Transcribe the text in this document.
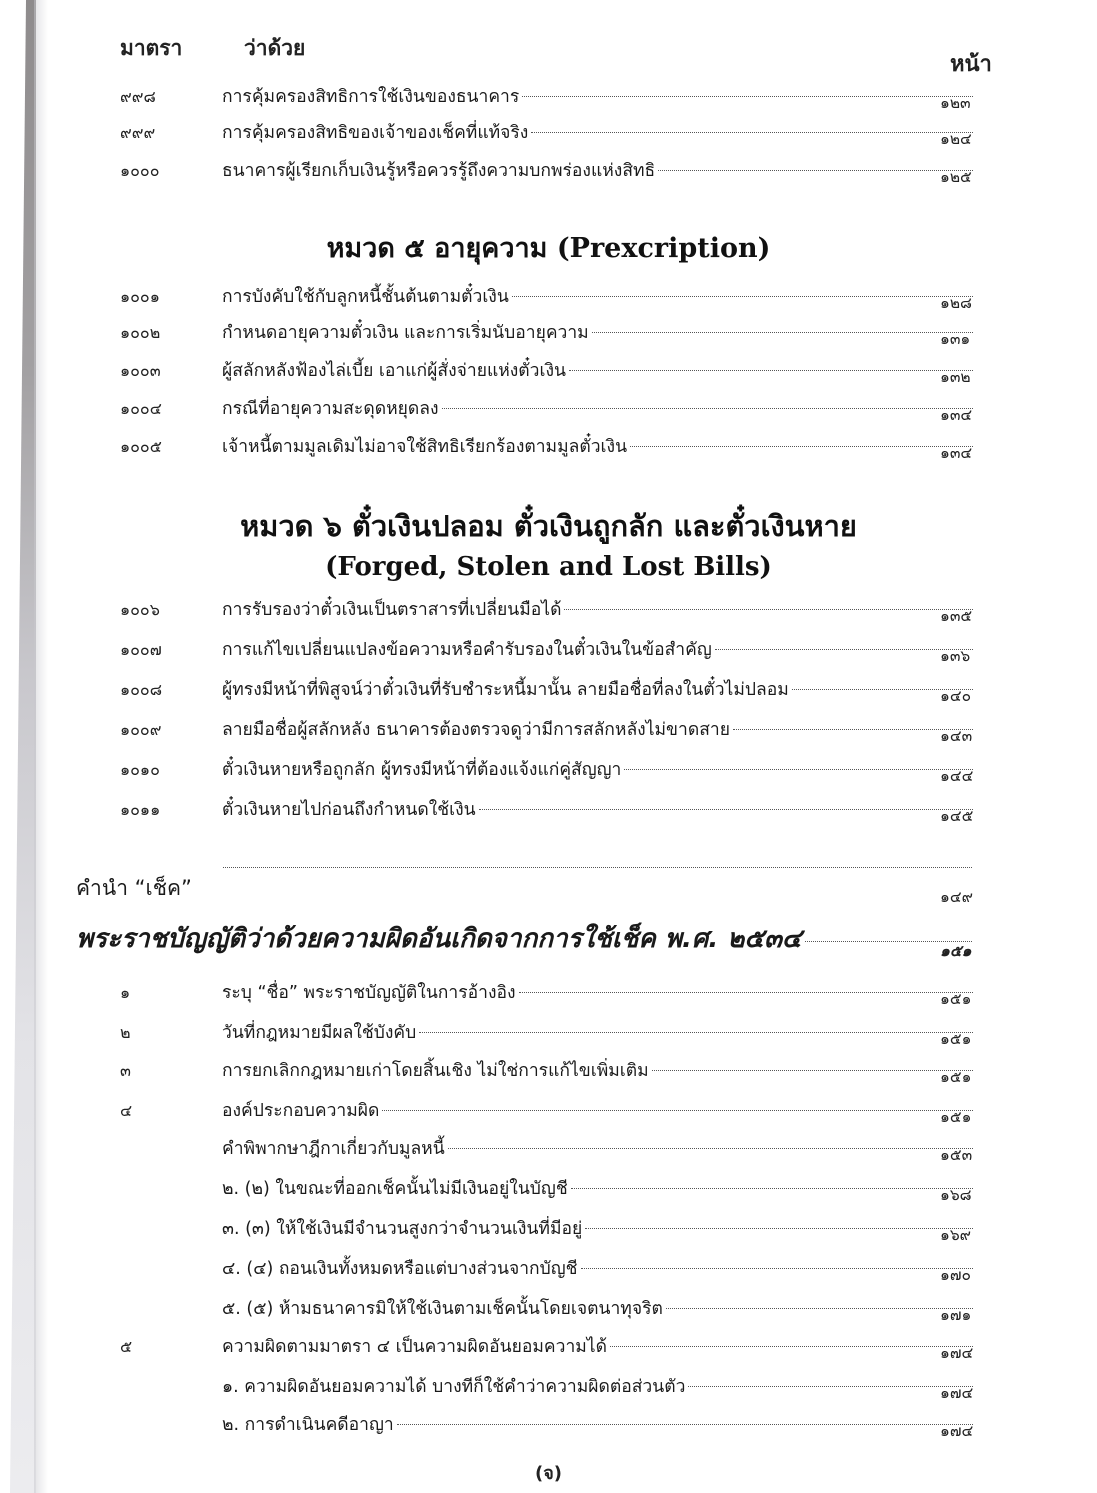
มาตรา	ว่าด้วย
หน้า
๙๙๘	การคุ้มครองสิทธิการใช้เงินของธนาคาร	๑๒๓
๙๙๙	การคุ้มครองสิทธิของเจ้าของเช็คที่แท้จริง	๑๒๔
๑๐๐๐	ธนาคารผู้เรียกเก็บเงินรู้หรือควรรู้ถึงความบกพร่องแห่งสิทธิ	๑๒๕
หมวด ๕ อายุความ (Prexcription)
๑๐๐๑	การบังคับใช้กับลูกหนี้ชั้นต้นตามตั๋วเงิน	๑๒๘
๑๐๐๒	กำหนดอายุความตั๋วเงิน และการเริ่มนับอายุความ	๑๓๑
๑๐๐๓	ผู้สลักหลังฟ้องไล่เบี้ย เอาแก่ผู้สั่งจ่ายแห่งตั๋วเงิน	๑๓๒
๑๐๐๔	กรณีที่อายุความสะดุดหยุดลง	๑๓๔
๑๐๐๕	เจ้าหนี้ตามมูลเดิมไม่อาจใช้สิทธิเรียกร้องตามมูลตั๋วเงิน	๑๓๔
หมวด ๖ ตั๋วเงินปลอม ตั๋วเงินถูกลัก และตั๋วเงินหาย
(Forged, Stolen and Lost Bills)
๑๐๐๖	การรับรองว่าตั๋วเงินเป็นตราสารที่เปลี่ยนมือได้	๑๓๕
๑๐๐๗	การแก้ไขเปลี่ยนแปลงข้อความหรือคำรับรองในตั๋วเงินในข้อสำคัญ	๑๓๖
๑๐๐๘	ผู้ทรงมีหน้าที่พิสูจน์ว่าตั๋วเงินที่รับชำระหนี้มานั้น ลายมือชื่อที่ลงในตั๋วไม่ปลอม	๑๔๐
๑๐๐๙	ลายมือชื่อผู้สลักหลัง ธนาคารต้องตรวจดูว่ามีการสลักหลังไม่ขาดสาย	๑๔๓
๑๐๑๐	ตั๋วเงินหายหรือถูกลัก ผู้ทรงมีหน้าที่ต้องแจ้งแก่คู่สัญญา	๑๔๔
๑๐๑๑	ตั๋วเงินหายไปก่อนถึงกำหนดใช้เงิน	๑๔๕
คำนำ “เช็ค”	๑๔๙
พระราชบัญญัติว่าด้วยความผิดอันเกิดจากการใช้เช็ค พ.ศ. ๒๕๓๔	๑๕๑
๑	ระบุ “ชื่อ” พระราชบัญญัติในการอ้างอิง	๑๕๑
๒	วันที่กฎหมายมีผลใช้บังคับ	๑๕๑
๓	การยกเลิกกฎหมายเก่าโดยสิ้นเชิง ไม่ใช่การแก้ไขเพิ่มเติม	๑๕๑
๔	องค์ประกอบความผิด	๑๕๑
คำพิพากษาฎีกาเกี่ยวกับมูลหนี้	๑๕๓
๒. (๒) ในขณะที่ออกเช็คนั้นไม่มีเงินอยู่ในบัญชี	๑๖๘
๓. (๓) ให้ใช้เงินมีจำนวนสูงกว่าจำนวนเงินที่มีอยู่	๑๖๙
๔. (๔) ถอนเงินทั้งหมดหรือแต่บางส่วนจากบัญชี	๑๗๐
๕. (๕) ห้ามธนาคารมิให้ใช้เงินตามเช็คนั้นโดยเจตนาทุจริต	๑๗๑
๕	ความผิดตามมาตรา ๔ เป็นความผิดอันยอมความได้	๑๗๔
๑. ความผิดอันยอมความได้ บางทีก็ใช้คำว่าความผิดต่อส่วนตัว	๑๗๔
๒. การดำเนินคดีอาญา	๑๗๔
(จ)
